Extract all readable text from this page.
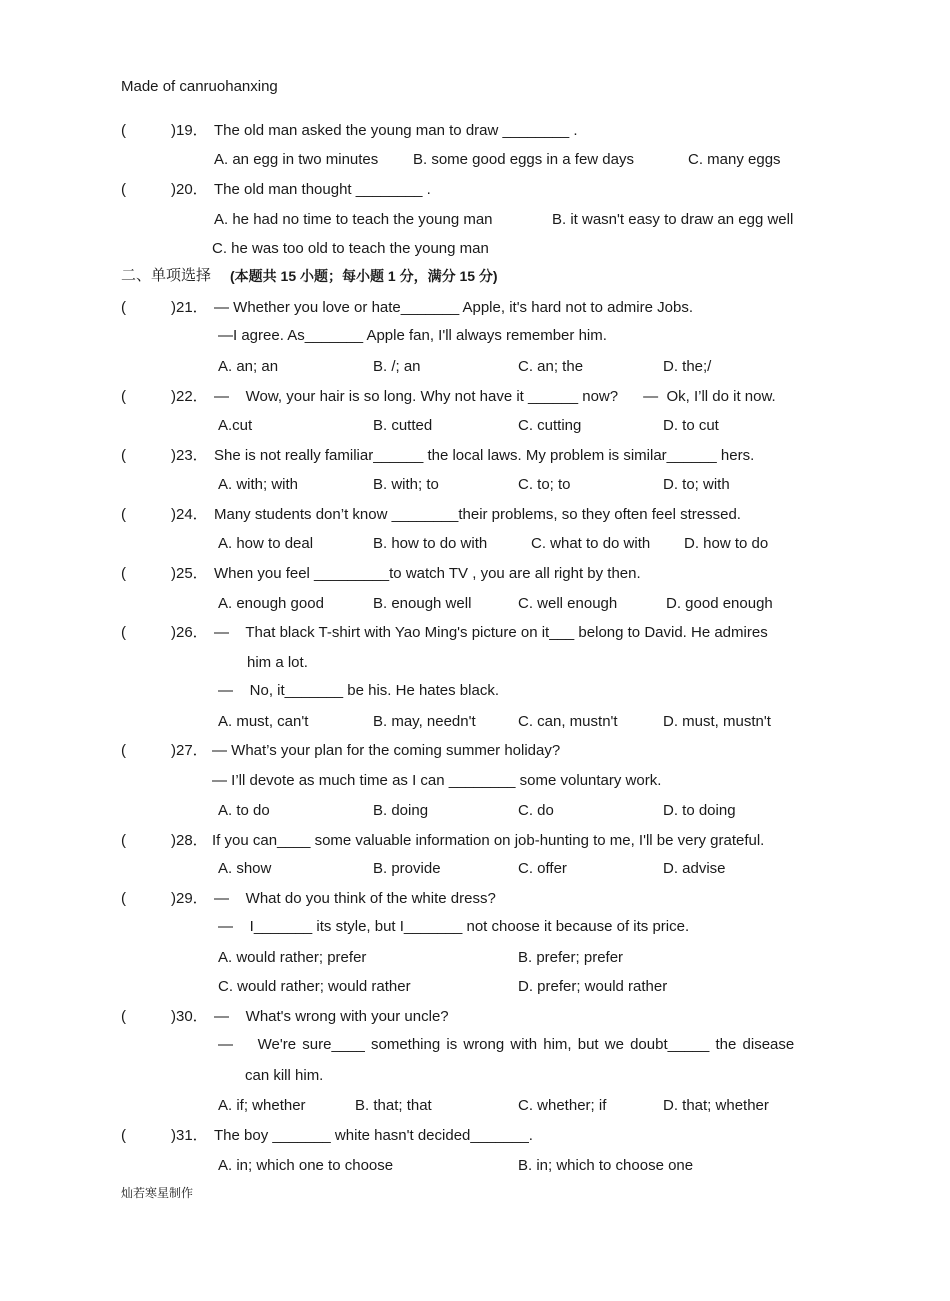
Made of canruohanxing
(	)19． The old man asked the young man to draw ________ .
A. an egg in two minutes B. some good eggs in a few days	C. many eggs
(	)20． The old man thought ________ .
A. he had no time to teach the young man	B. it wasn't easy to draw an egg well
C. he was too old to teach the young man
二、单项选择 (本题共 15 小题；每小题 1 分，满分 15 分)
(	)21． — Whether you love or hate_______ Apple, it's hard not to admire Jobs.
—I agree. As_______ Apple fan, I'll always remember him.
A. an; an	B. /; an	C. an; the	D. the;/
(	)22． —    Wow, your hair is so long. Why not have it ______ now?      —  Ok, I’ll do it now.
A.cut	B. cutted	C. cutting	D. to cut
(	)23． She is not really familiar______ the local laws. My problem is similar______ hers.
A. with; with	B. with; to	C. to; to	D. to; with
(	)24． Many students don’t know ________their problems, so they often feel stressed.
A. how to deal	B. how to do with	C. what to do with D. how to do
(	)25． When you feel _________to watch TV , you are all right by then.
A. enough good	B. enough well	C. well enough	D. good enough
(	)26． —    That black T-shirt with Yao Ming's picture on it___ belong to David. He admires
him a lot.
—    No, it_______ be his. He hates black.
A. must, can't	B. may, needn't	C. can, mustn't	D. must, mustn't
(	)27． — What’s your plan for the coming summer holiday?
— I’ll devote as much time as I can ________ some voluntary work.
A. to do	B. doing	C. do	D. to doing
(	)28． If you can____ some valuable information on job-hunting to me, I'll be very grateful.
A. show	B. provide	C. offer	D. advise
(	)29． —    What do you think of the white dress?
—    I_______ its style, but I_______ not choose it because of its price.
A. would rather; prefer	B. prefer; prefer
C. would rather; would rather	D. prefer; would rather
(	)30． —    What's wrong with your uncle?
—    We're sure____ something is wrong with him, but we doubt_____ the disease
can kill him.
A. if; whether	B. that; that	C. whether; if	D. that; whether
(	)31． The boy _______ white hasn't decided_______.
A. in; which one to choose	B. in; which to choose one
灿若寒星制作
